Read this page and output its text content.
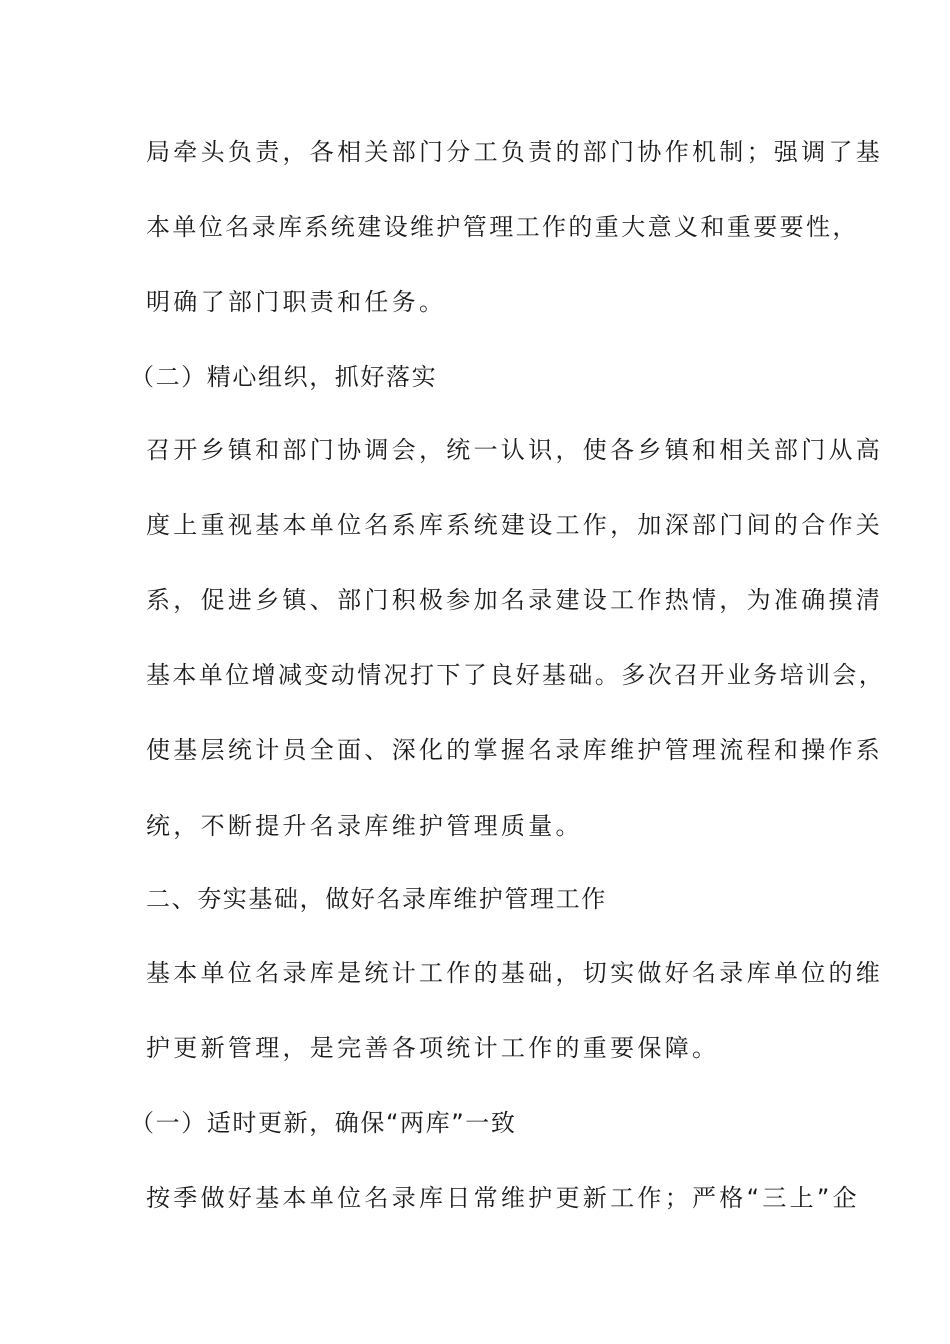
局牵头负责，各相关部门分工负责的部门协作机制；强调了基
本单位名录库系统建设维护管理工作的重大意义和重要要性，
明确了部门职责和任务。
（二）精心组织，抓好落实
召开乡镇和部门协调会，统一认识，使各乡镇和相关部门从高
度上重视基本单位名系库系统建设工作，加深部门间的合作关
系，促进乡镇、部门积极参加名录建设工作热情，为准确摸清
基本单位增减变动情况打下了良好基础。多次召开业务培训会，
使基层统计员全面、深化的掌握名录库维护管理流程和操作系
统，不断提升名录库维护管理质量。
二、夯实基础，做好名录库维护管理工作
基本单位名录库是统计工作的基础，切实做好名录库单位的维
护更新管理，是完善各项统计工作的重要保障。
（一）适时更新，确保“两库”一致
按季做好基本单位名录库日常维护更新工作；严格“三上”企
